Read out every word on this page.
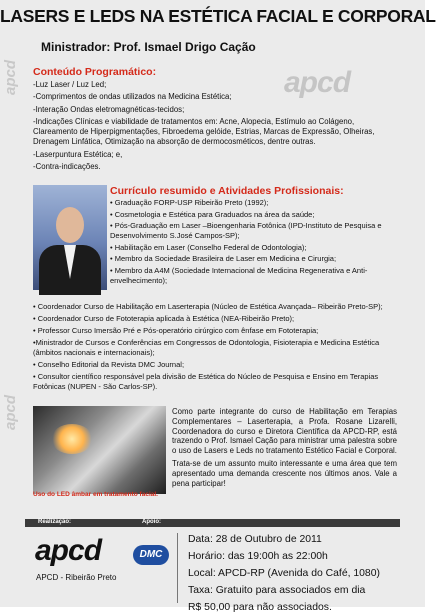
LASERS E LEDS NA ESTÉTICA FACIAL E CORPORAL
Ministrador: Prof. Ismael Drigo Cação
apcd
apcd
apcd
Conteúdo Programático:

-Luz Laser / Luz Led;

-Comprimentos de ondas utilizados na Medicina Estética;

-Interação Ondas eletromagnéticas-tecidos;

-Indicações Clínicas e viabilidade de tratamentos em: Acne, Alopecia, Estímulo ao Colágeno, Clareamento de Hiperpigmentações, Fibroedema gelóide, Estrias, Marcas de Expressão, Olheiras, Drenagem Linfática, Otimização na absorção de dermocosméticos, dentre outras.

-Laserpuntura Estética; e,

-Contra-indicações.

Currículo resumido e Atividades Profissionais:

• Graduação FORP-USP Ribeirão Preto (1992);

• Cosmetologia e Estética para Graduados na área da saúde;

• Pós-Graduação em Laser –Bioengenharia Fotônica (IPD-Instituto de Pesquisa e Desenvolvimento S.José Campos-SP);

• Habilitação em Laser (Conselho Federal de Odontologia);

• Membro da Sociedade Brasileira de Laser em Medicina e Cirurgia;

• Membro da A4M (Sociedade Internacional de Medicina Regenerativa e Anti-envelhecimento);

• Coordenador Curso de Habilitação em Laserterapia (Núcleo de Estética Avançada– Ribeirão Preto-SP);

• Coordenador Curso de Fototerapia aplicada à Estética (NEA-Ribeirão Preto);

• Professor Curso Imersão Pré e Pós-operatório cirúrgico com ênfase em Fototerapia;

•Ministrador de Cursos e Conferências em Congressos de Odontologia, Fisioterapia e Medicina Estética (âmbitos nacionais e internacionais);

• Conselho Editorial da Revista DMC Journal;

• Consultor científico responsável pela divisão de Estética do Núcleo de Pesquisa e Ensino em Terapias Fotônicas (NUPEN - São Carlos-SP).

Uso do LED âmbar em tratamento facial.

Como parte integrante do curso de Habilitação em Terapias Complementares – Laserterapia, a Profa. Rosane Lizarelli, Coordenadora do curso e Diretora Científica da APCD-RP, está trazendo o Prof. Ismael Cação para ministrar uma palestra sobre o uso de Lasers e Leds no tratamento Estético Facial e Corporal.

Trata-se de um assunto muito interessante e uma área que tem apresentado uma demanda crescente nos últimos anos. Vale a pena participar!

Realização:	Apoio:
apcd
APCD - Ribeirão Preto
DMC
Data: 28 de Outubro de 2011
Horário: das 19:00h as 22:00h
Local: APCD-RP (Avenida do Café, 1080)
Taxa: Gratuito para associados em dia
R$ 50,00 para não associados.
